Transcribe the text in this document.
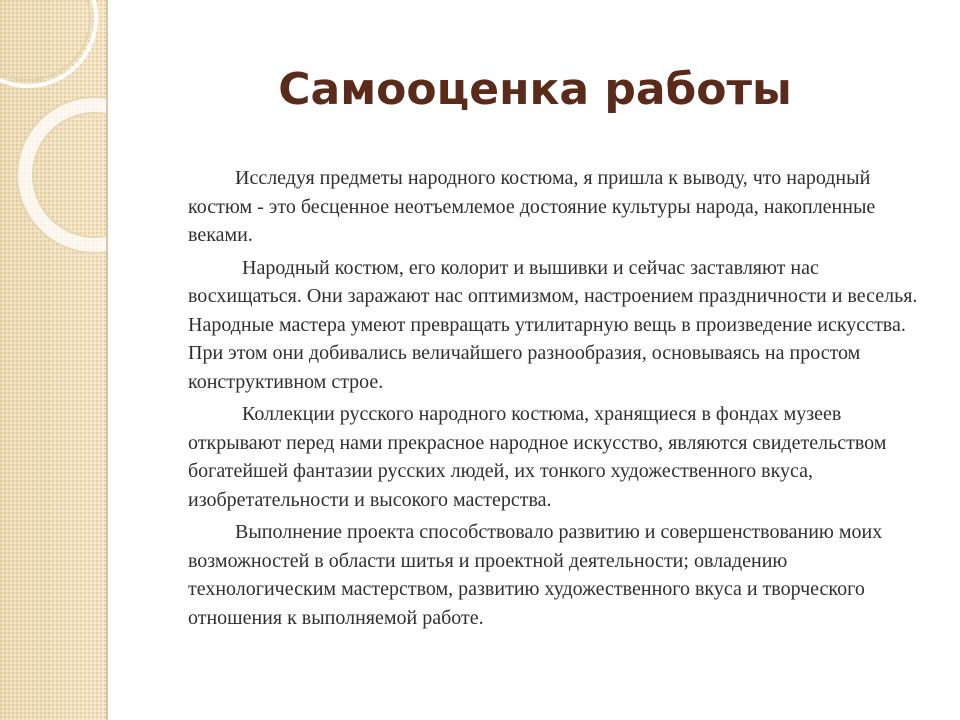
Самооценка работы

Исследуя предметы народного костюма, я пришла к выводу, что народный костюм - это бесценное неотъемлемое достояние культуры народа, накопленные веками.

Народный костюм, его колорит и вышивки и сейчас заставляют нас восхищаться. Они заражают нас оптимизмом, настроением праздничности и веселья. Народные мастера умеют превращать утилитарную вещь в произведение искусства. При этом они добивались величайшего разнообразия, основываясь на простом конструктивном строе.

Коллекции русского народного костюма, хранящиеся в фондах музеев открывают перед нами прекрасное народное искусство, являются свидетельством богатейшей фантазии русских людей, их тонкого художественного вкуса, изобретательности и высокого мастерства.

Выполнение проекта способствовало развитию и совершенствованию моих возможностей в области шитья и проектной деятельности; овладению технологическим мастерством, развитию художественного вкуса и творческого отношения к выполняемой работе.
